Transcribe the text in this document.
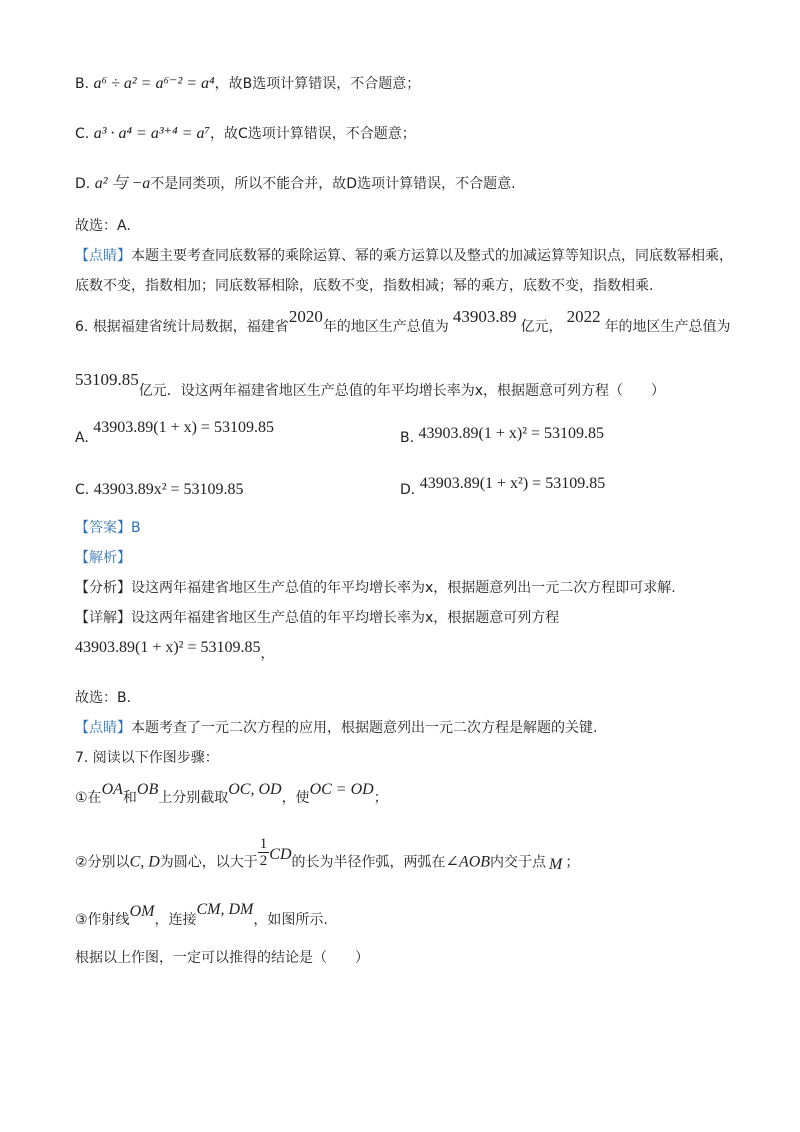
B. a⁶ ÷ a² = a⁶⁻² = a⁴，故B选项计算错误，不合题意；
C. a³ · a⁴ = a³⁺⁴ = a⁷，故C选项计算错误，不合题意；
D. a² 与 −a不是同类项，所以不能合并，故D选项计算错误，不合题意.
故选：A.
【点睛】本题主要考查同底数幂的乘除运算、幂的乘方运算以及整式的加减运算等知识点，同底数幂相乘，
底数不变，指数相加；同底数幂相除，底数不变，指数相减；幂的乘方，底数不变，指数相乘.
6. 根据福建省统计局数据，福建省2020年的地区生产总值为43903.89亿元，2022年的地区生产总值为
53109.85亿元．设这两年福建省地区生产总值的年平均增长率为x，根据题意可列方程（　　）
A. 43903.89(1 + x) = 53109.85
B. 43903.89(1 + x)² = 53109.85
C. 43903.89x² = 53109.85	D. 43903.89(1 + x²) = 53109.85
【答案】B
【解析】
【分析】设这两年福建省地区生产总值的年平均增长率为x，根据题意列出一元二次方程即可求解.
【详解】设这两年福建省地区生产总值的年平均增长率为x，根据题意可列方程
43903.89(1 + x)² = 53109.85，
故选：B.
【点睛】本题考查了一元二次方程的应用，根据题意列出一元二次方程是解题的关键.
7. 阅读以下作图步骤：
①在OA和OB上分别截取OC, OD，使OC = OD；
②分别以C, D为圆心，以大于 $\frac{1}{2}$ CD的长为半径作弧，两弧在∠AOB内交于点 M ；
③作射线OM，连接CM, DM，如图所示.
根据以上作图，一定可以推得的结论是（　　）
